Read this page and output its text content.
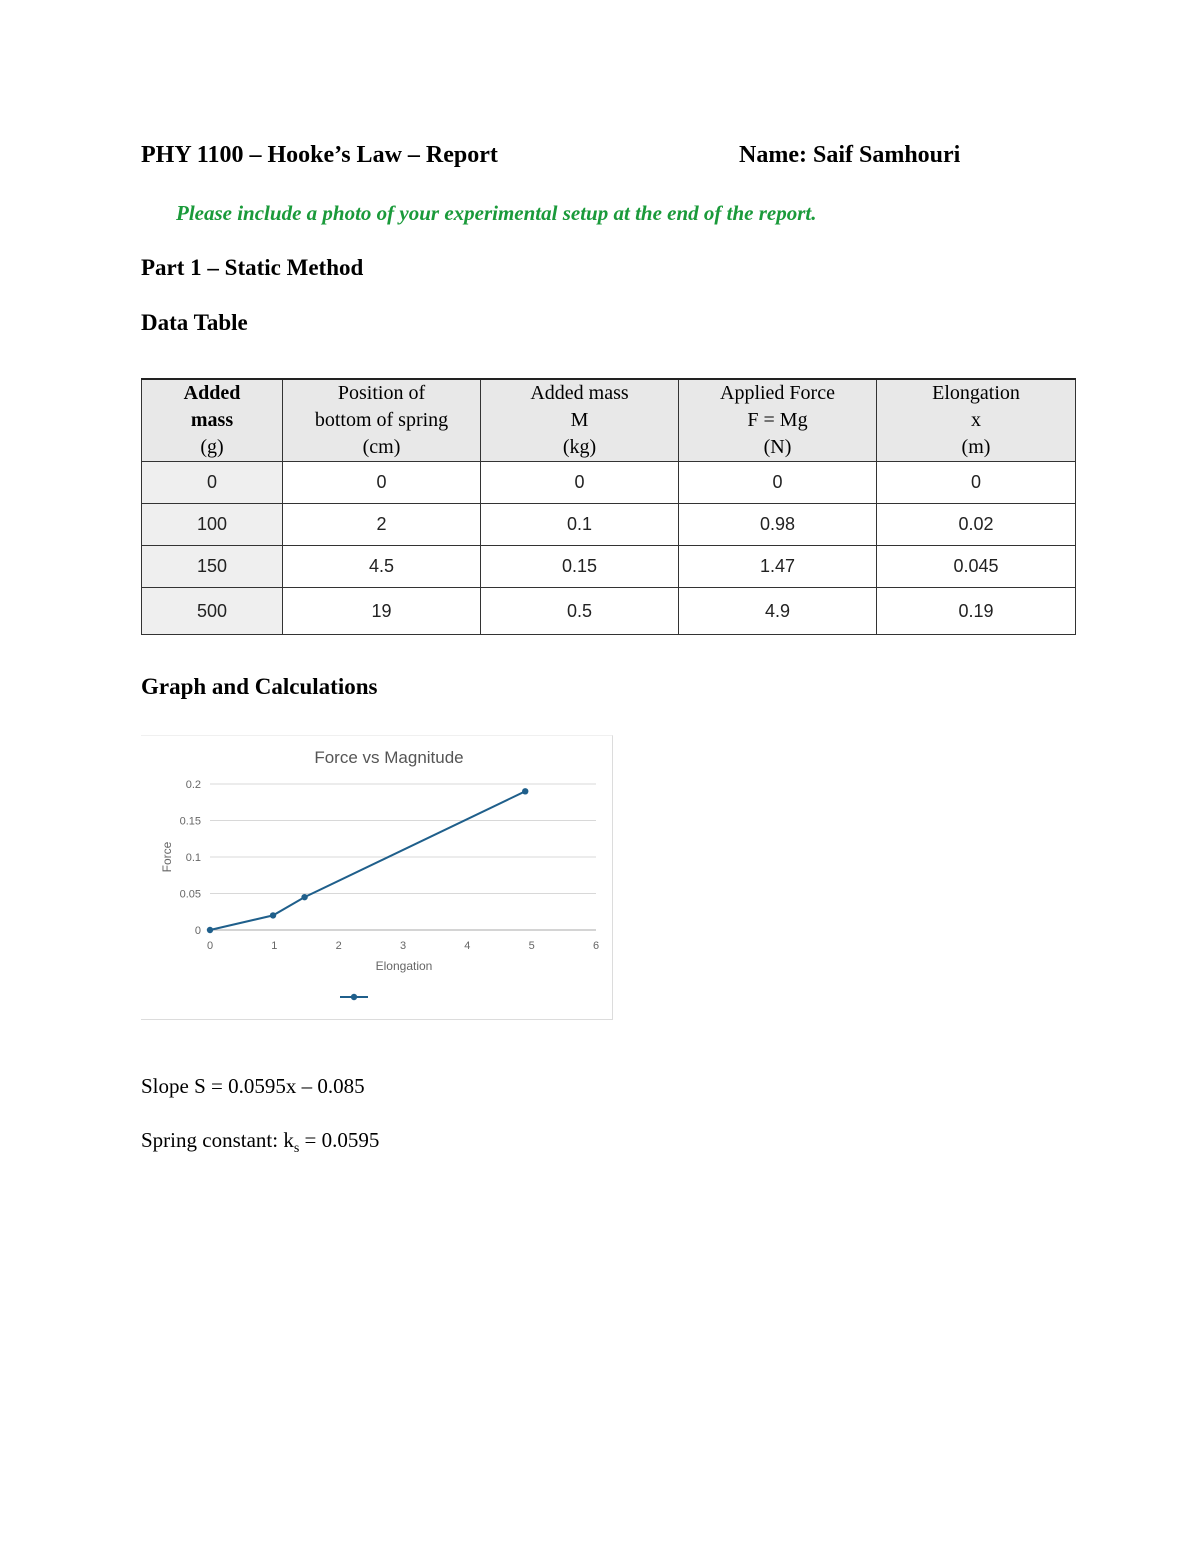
PHY 1100 – Hooke’s Law – Report	Name: Saif Samhouri
Please include a photo of your experimental setup at the end of the report.
Part 1 – Static Method
Data Table
Added
mass
(g)	Position of
bottom of spring
(cm)	Added mass
M
(kg)	Applied Force
F = Mg
(N)	Elongation
x
(m)

0	0	0	0	0
100	2	0.1	0.98	0.02
150	4.5	0.15	1.47	0.045
500	19	0.5	4.9	0.19
Graph and Calculations
Force vs Magnitude
0
0.05
0.1
0.15
0.2
0	1	2	3	4	5	6
Force
Elongation
Slope S = 0.0595x – 0.085
Spring constant: $k_s = 0.0595$
